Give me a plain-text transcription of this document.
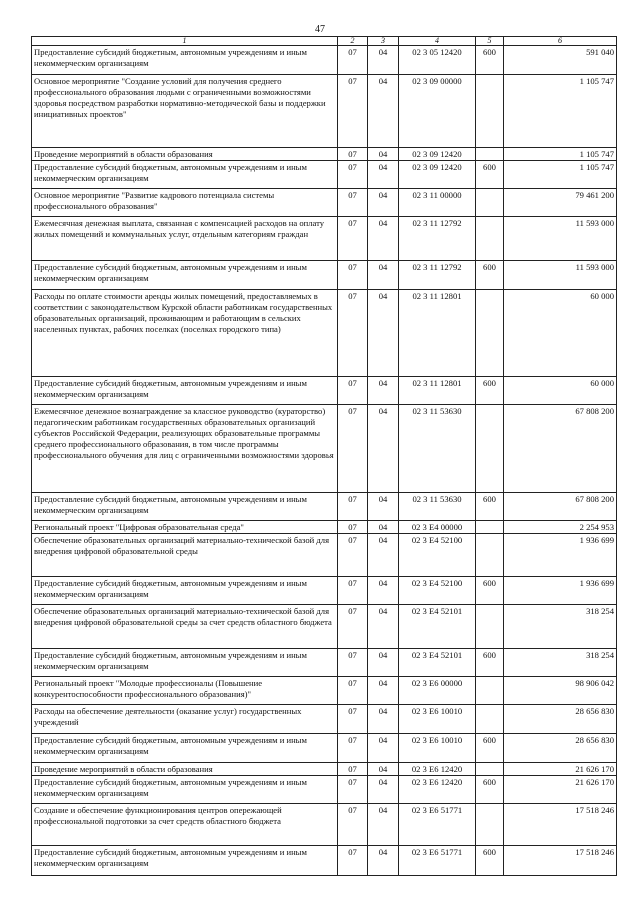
47
1	2	3	4	5	6
Предоставление субсидий бюджетным, автономным учреждениям и иным некоммерческим организациям	07	04	02 3 05 12420	600	591 040
Основное мероприятие "Создание условий для получения среднего профессионального образования людьми с ограниченными возможностями здоровья посредством разработки нормативно-методической базы и поддержки инициативных проектов"	07	04	02 3 09 00000		1 105 747
Проведение мероприятий в области образования	07	04	02 3 09 12420		1 105 747
Предоставление субсидий бюджетным, автономным учреждениям и иным некоммерческим организациям	07	04	02 3 09 12420	600	1 105 747
Основное мероприятие "Развитие кадрового потенциала системы профессионального образования"	07	04	02 3 11 00000		79 461 200
Ежемесячная денежная выплата, связанная с компенсацией расходов на оплату жилых помещений и коммунальных услуг, отдельным категориям граждан	07	04	02 3 11 12792		11 593 000
Предоставление субсидий бюджетным, автономным учреждениям и иным некоммерческим организациям	07	04	02 3 11 12792	600	11 593 000
Расходы по оплате стоимости аренды жилых помещений, предоставляемых в соответствии с законодательством Курской области работникам государственных образовательных организаций, проживающим и работающим в сельских населенных пунктах, рабочих поселках (поселках городского типа)	07	04	02 3 11 12801		60 000
Предоставление субсидий бюджетным, автономным учреждениям и иным некоммерческим организациям	07	04	02 3 11 12801	600	60 000
Ежемесячное денежное вознаграждение за классное руководство (кураторство) педагогическим работникам государственных образовательных организаций субъектов Российской Федерации, реализующих образовательные программы среднего профессионального образования, в том числе программы профессионального обучения для лиц с ограниченными возможностями здоровья	07	04	02 3 11 53630		67 808 200
Предоставление субсидий бюджетным, автономным учреждениям и иным некоммерческим организациям	07	04	02 3 11 53630	600	67 808 200
Региональный проект "Цифровая образовательная среда"	07	04	02 3 E4 00000		2 254 953
Обеспечение образовательных организаций материально-технической базой для внедрения цифровой образовательной среды	07	04	02 3 E4 52100		1 936 699
Предоставление субсидий бюджетным, автономным учреждениям и иным некоммерческим организациям	07	04	02 3 E4 52100	600	1 936 699
Обеспечение образовательных организаций материально-технической базой для внедрения цифровой образовательной среды за счет средств областного бюджета	07	04	02 3 E4 52101		318 254
Предоставление субсидий бюджетным, автономным учреждениям и иным некоммерческим организациям	07	04	02 3 E4 52101	600	318 254
Региональный проект "Молодые профессионалы (Повышение конкурентоспособности профессионального образования)"	07	04	02 3 E6 00000		98 906 042
Расходы на обеспечение деятельности (оказание услуг) государственных учреждений	07	04	02 3 E6 10010		28 656 830
Предоставление субсидий бюджетным, автономным учреждениям и иным некоммерческим организациям	07	04	02 3 E6 10010	600	28 656 830
Проведение мероприятий в области образования	07	04	02 3 E6 12420		21 626 170
Предоставление субсидий бюджетным, автономным учреждениям и иным некоммерческим организациям	07	04	02 3 E6 12420	600	21 626 170
Создание и обеспечение функционирования центров опережающей профессиональной подготовки за счет средств областного бюджета	07	04	02 3 E6 51771		17 518 246
Предоставление субсидий бюджетным, автономным учреждениям и иным некоммерческим организациям	07	04	02 3 E6 51771	600	17 518 246
